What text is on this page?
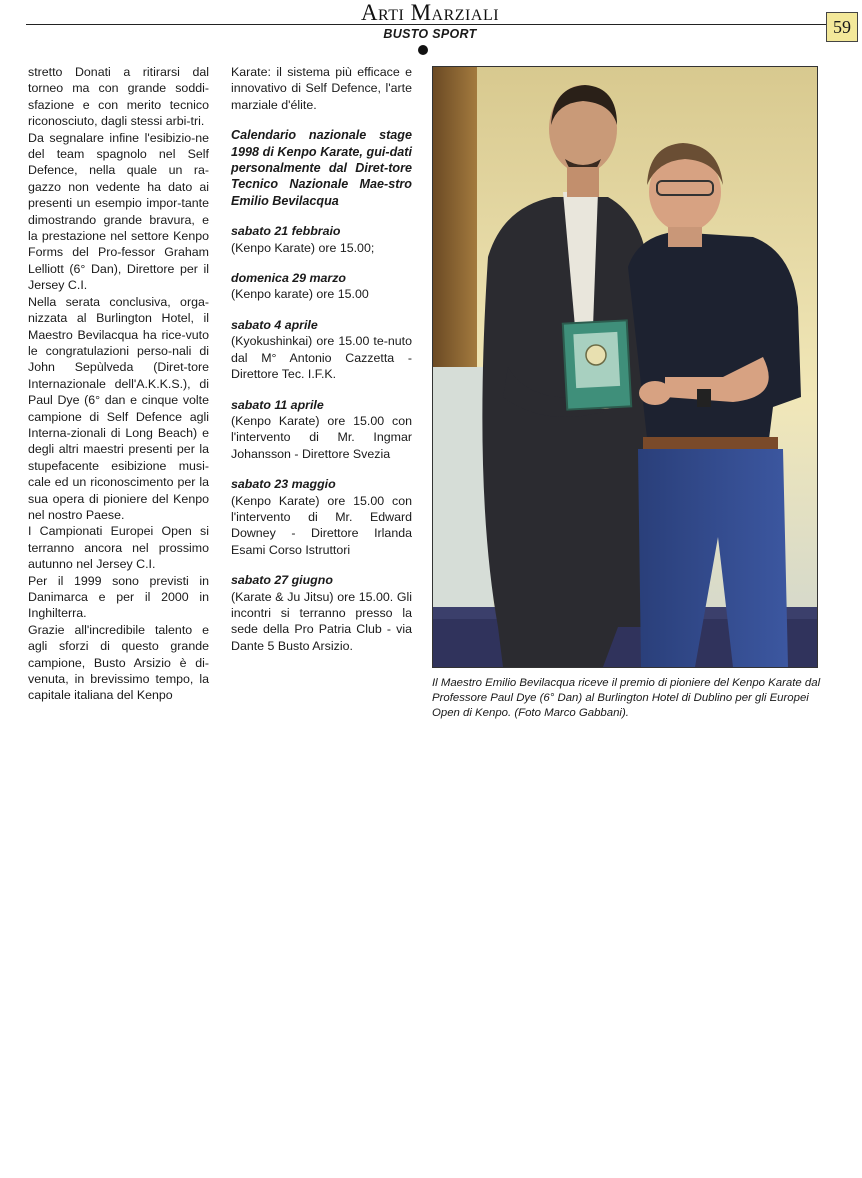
Arti Marziali
BUSTO SPORT	59

stretto Donati a ritirarsi dal torneo ma con grande soddi-sfazione e con merito tecnico riconosciuto, dagli stessi arbi-tri.

Da segnalare infine l'esibizio-ne del team spagnolo nel Self Defence, nella quale un ra-gazzo non vedente ha dato ai presenti un esempio impor-tante dimostrando grande bravura, e la prestazione nel settore Kenpo Forms del Pro-fessor Graham Lelliott (6° Dan), Direttore per il Jersey C.I.

Nella serata conclusiva, orga-nizzata al Burlington Hotel, il Maestro Bevilacqua ha rice-vuto le congratulazioni perso-nali di John Sepùlveda (Diret-tore Internazionale dell'A.K.K.S.), di Paul Dye (6° dan e cinque volte campione di Self Defence agli Interna-zionali di Long Beach) e degli altri maestri presenti per la stupefacente esibizione musi-cale ed un riconoscimento per la sua opera di pioniere del Kenpo nel nostro Paese.

I Campionati Europei Open si terranno ancora nel prossimo autunno nel Jersey C.I.

Per il 1999 sono previsti in Danimarca e per il 2000 in Inghilterra.

Grazie all'incredibile talento e agli sforzi di questo grande campione, Busto Arsizio è di-venuta, in brevissimo tempo, la capitale italiana del Kenpo

Karate: il sistema più efficace e innovativo di Self Defence, l'arte marziale d'élite.

Calendario nazionale stage 1998 di Kenpo Karate, gui-dati personalmente dal Diret-tore Tecnico Nazionale Mae-stro Emilio Bevilacqua

sabato 21 febbraio

(Kenpo Karate) ore 15.00;

domenica 29 marzo

(Kenpo karate) ore 15.00

sabato 4 aprile

(Kyokushinkai) ore 15.00 te-nuto dal M° Antonio Cazzetta - Direttore Tec. I.F.K.

sabato 11 aprile

(Kenpo Karate) ore 15.00 con l'intervento di Mr. Ingmar Johansson - Direttore Svezia

sabato 23 maggio

(Kenpo Karate) ore 15.00 con l'intervento di Mr. Edward Downey - Direttore Irlanda Esami Corso Istruttori

sabato 27 giugno

(Karate & Ju Jitsu) ore 15.00. Gli incontri si terranno presso la sede della Pro Patria Club - via Dante 5 Busto Arsizio.

Il Maestro Emilio Bevilacqua riceve il premio di pioniere del Kenpo Karate dal Professore Paul Dye (6° Dan) al Burlington Hotel di Dublino per gli Europei Open di Kenpo. (Foto Marco Gabbani).
